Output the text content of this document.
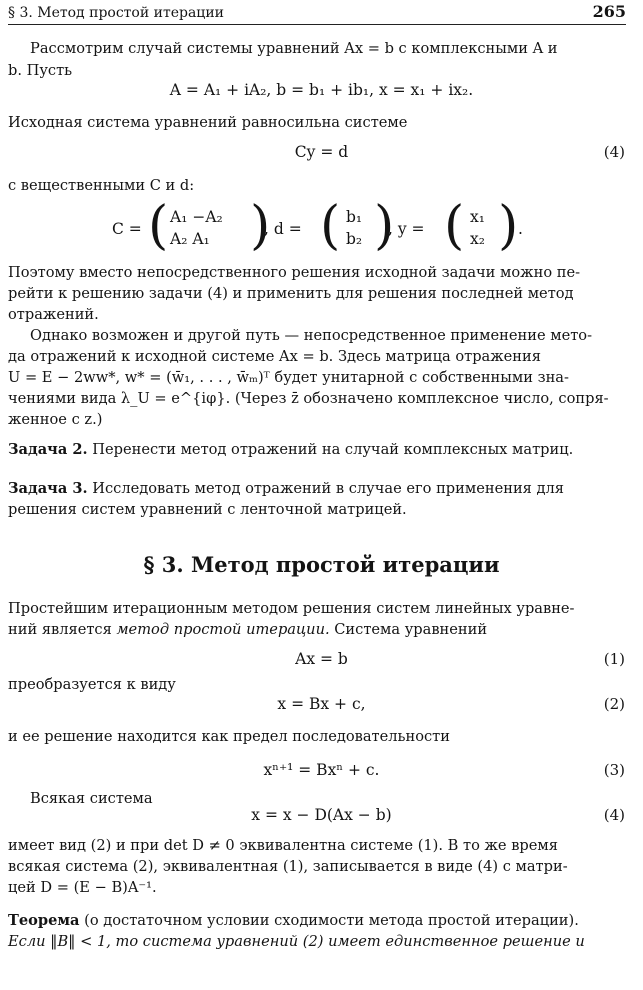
§ 3. Метод простой итерации	265
Рассмотрим случай системы уравнений Ax = b с комплексными A и
b. Пусть
A = A₁ + iA₂, b = b₁ + ib₁, x = x₁ + ix₂.
Исходная система уравнений равносильна системе
Cy = d	(4)
с вещественными C и d:
C = ( A₁ −A₂
A₂ A₁ )
, d = ( b₁
b₂ )
, y = ( x₁
x₂ ) .
Поэтому вместо непосредственного решения исходной задачи можно пе-
рейти к решению задачи (4) и применить для решения последней метод
отражений.
Однако возможен и другой путь — непосредственное применение мето-
да отражений к исходной системе Ax = b. Здесь матрица отражения
U = E − 2ww*, w* = (w̄₁, . . . , w̄ₘ)ᵀ будет унитарной с собственными зна-
чениями вида λ_U = e^{iφ}. (Через z̄ обозначено комплексное число, сопря-
женное с z.)
Задача 2. Перенести метод отражений на случай комплексных матриц.
Задача 3. Исследовать метод отражений в случае его применения для
решения систем уравнений с ленточной матрицей.
§ 3. Метод простой итерации
Простейшим итерационным методом решения систем линейных уравне-
ний является метод простой итерации. Система уравнений
Ax = b	(1)
преобразуется к виду
x = Bx + c,	(2)
и ее решение находится как предел последовательности
xⁿ⁺¹ = Bxⁿ + c.	(3)
Всякая система
x = x − D(Ax − b)	(4)
имеет вид (2) и при det D ≠ 0 эквивалентна системе (1). В то же время
всякая система (2), эквивалентная (1), записывается в виде (4) с матри-
цей D = (E − B)A⁻¹.
Теорема (о достаточном условии сходимости метода простой итерации).
Если ‖B‖ < 1, то система уравнений (2) имеет единственное решение и
